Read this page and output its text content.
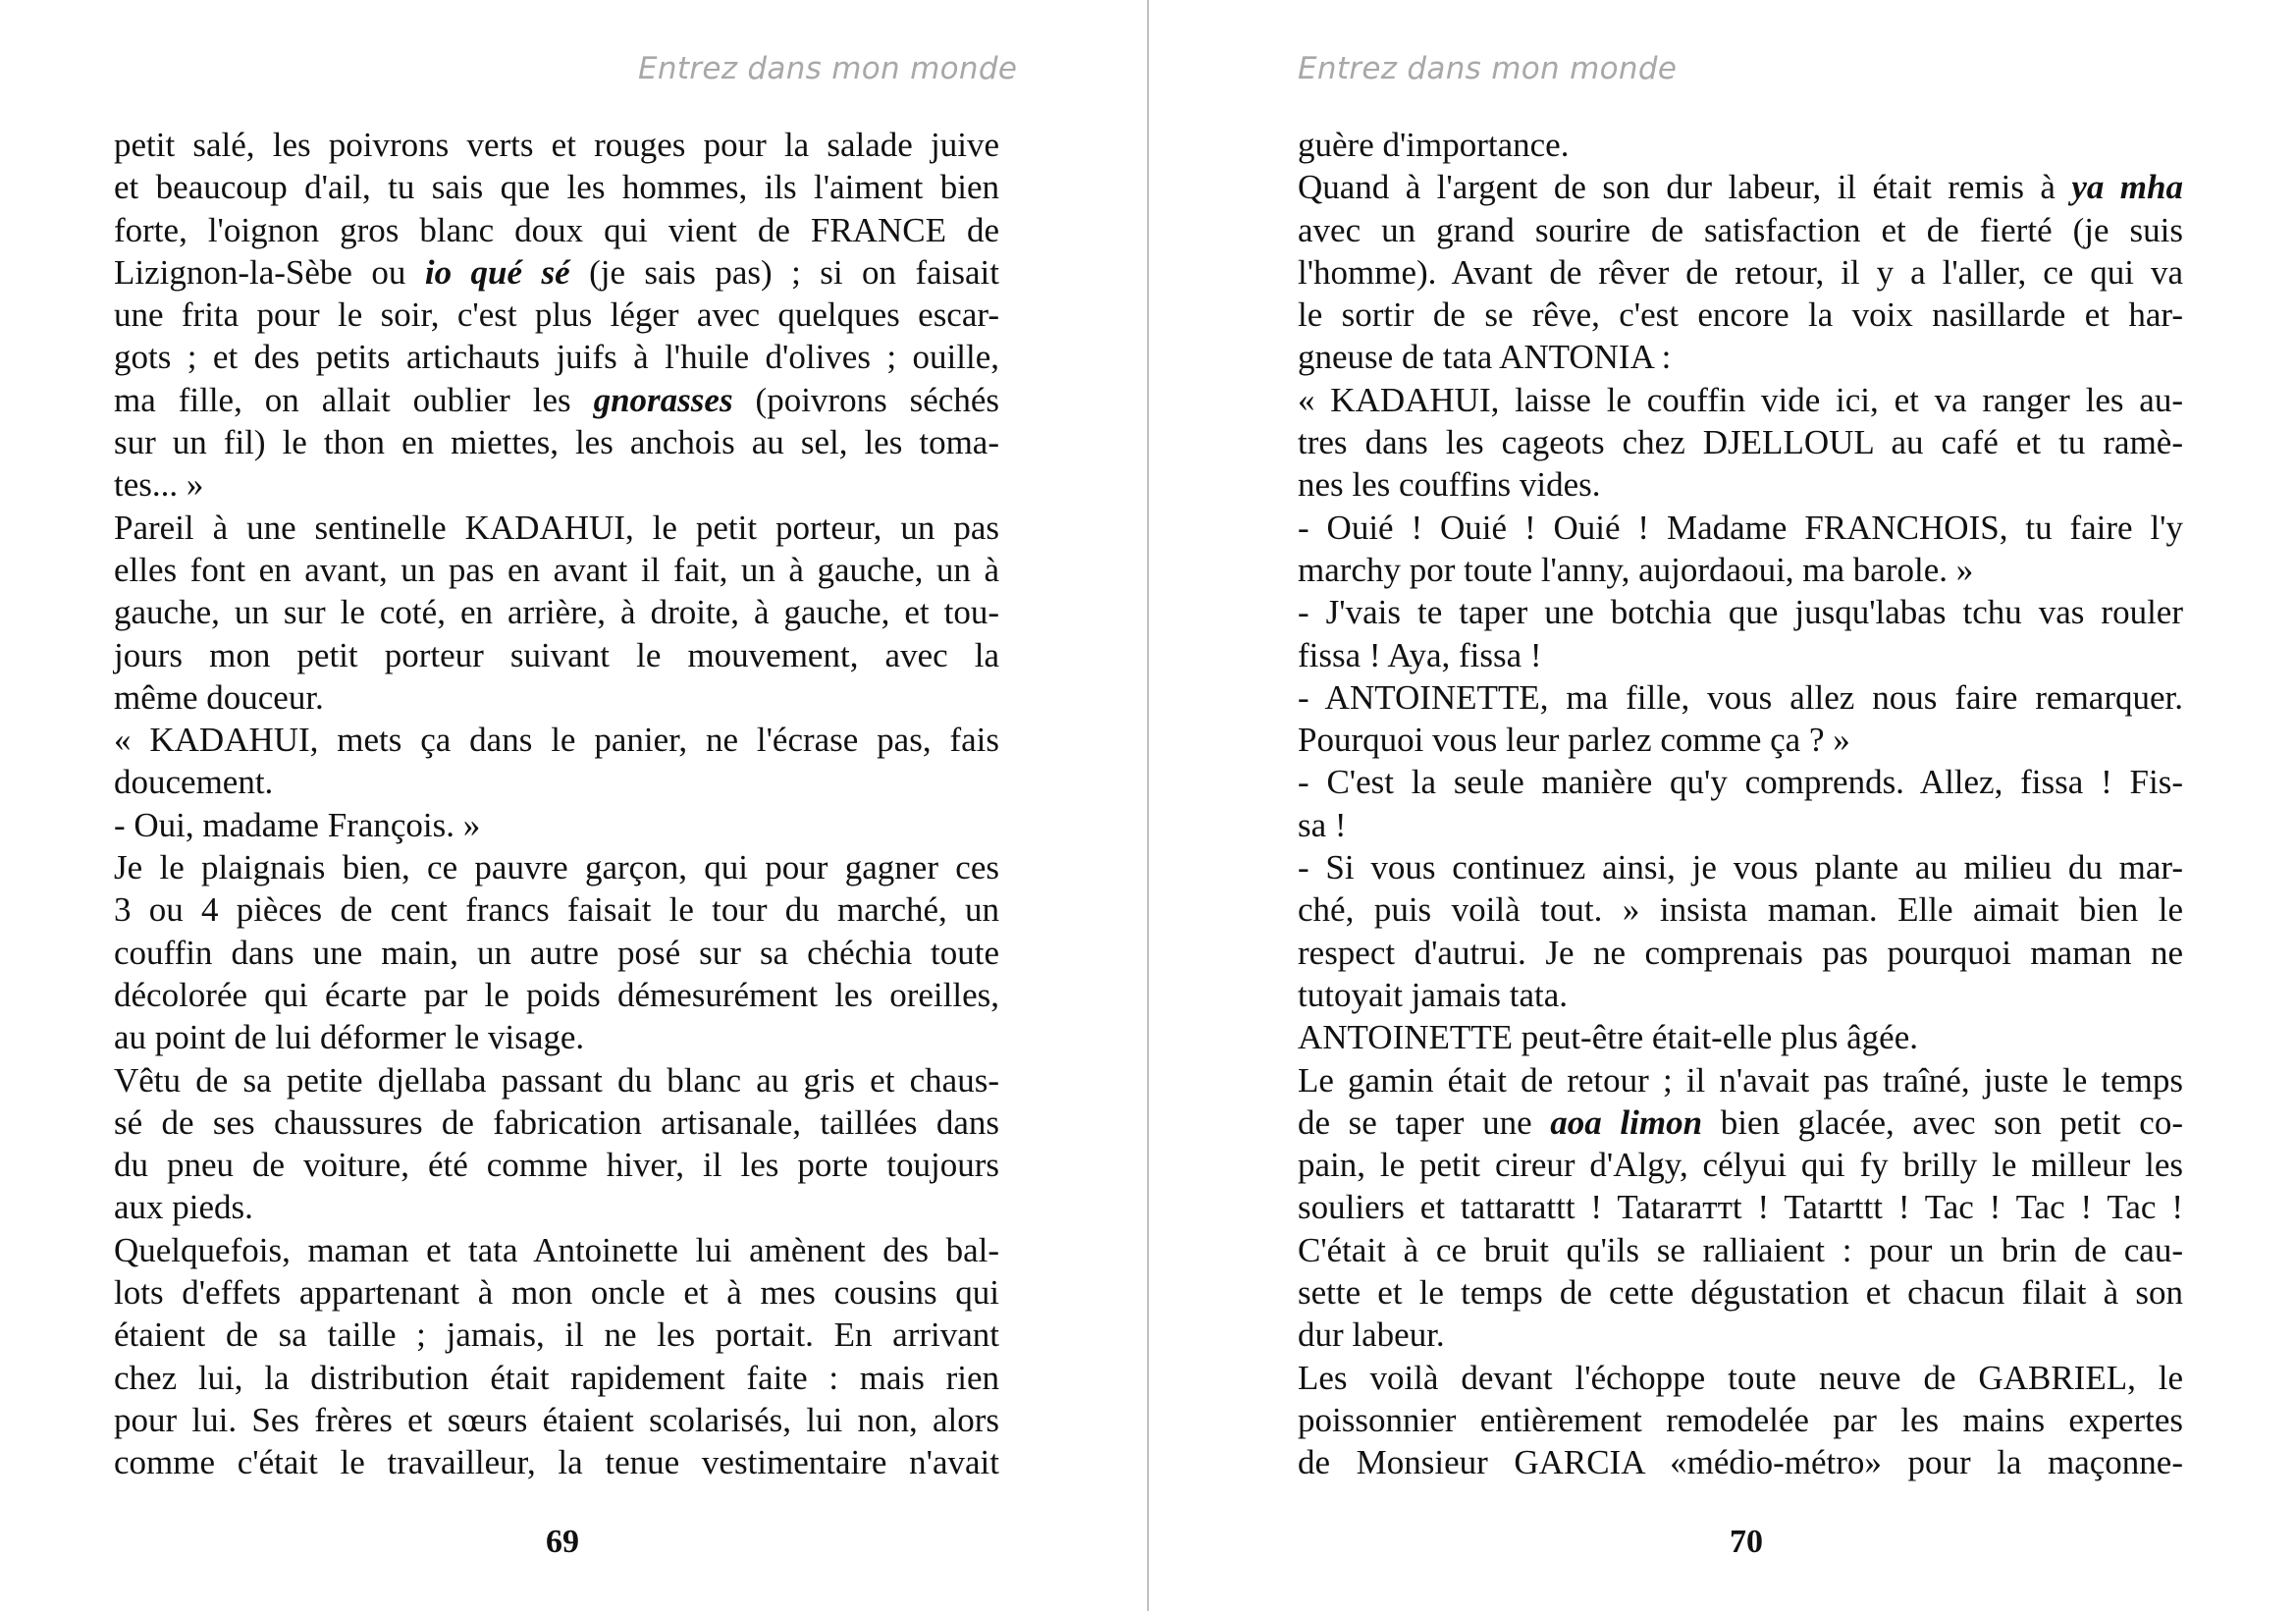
Entrez dans mon monde
petit salé, les poivrons verts et rouges pour la salade juive
et beaucoup d'ail, tu sais que les hommes, ils l'aiment bien
forte, l'oignon gros blanc doux qui vient de FRANCE de
Lizignon-la-Sèbe ou io qué sé (je sais pas) ; si on faisait
une frita pour le soir, c'est plus léger avec quelques escar-
gots ; et des petits artichauts juifs à l'huile d'olives ; ouille,
ma fille, on allait oublier les gnorasses (poivrons séchés
sur un fil) le thon en miettes, les anchois au sel, les toma-
tes... »
Pareil à une sentinelle KADAHUI, le petit porteur, un pas
elles font en avant, un pas en avant il fait, un à gauche, un à
gauche, un sur le coté, en arrière, à droite, à gauche, et tou-
jours mon petit porteur suivant le mouvement, avec la
même douceur.
« KADAHUI, mets ça dans le panier, ne l'écrase pas, fais
doucement.
- Oui, madame François. »
Je le plaignais bien, ce pauvre garçon, qui pour gagner ces
3 ou 4 pièces de cent francs faisait le tour du marché, un
couffin dans une main, un autre posé sur sa chéchia toute
décolorée qui écarte par le poids démesurément les oreilles,
au point de lui déformer le visage.
Vêtu de sa petite djellaba passant du blanc au gris et chaus-
sé de ses chaussures de fabrication artisanale, taillées dans
du pneu de voiture, été comme hiver, il les porte toujours
aux pieds.
Quelquefois, maman et tata Antoinette lui amènent des bal-
lots d'effets appartenant à mon oncle et à mes cousins qui
étaient de sa taille ; jamais, il ne les portait. En arrivant
chez lui, la distribution était rapidement faite : mais rien
pour lui. Ses frères et sœurs étaient scolarisés, lui non, alors
comme c'était le travailleur, la tenue vestimentaire n'avait
69
Entrez dans mon monde
guère d'importance.
Quand à l'argent de son dur labeur, il était remis à ya mha
avec un grand sourire de satisfaction et de fierté (je suis
l'homme). Avant de rêver de retour, il y a l'aller, ce qui va
le sortir de se rêve, c'est encore la voix nasillarde et har-
gneuse de tata ANTONIA :
« KADAHUI, laisse le couffin vide ici, et va ranger les au-
tres dans les cageots chez DJELLOUL au café et tu ramè-
nes les couffins vides.
- Ouié ! Ouié ! Ouié ! Madame FRANCHOIS, tu faire l'y
marchy por toute l'anny, aujordaoui, ma barole. »
- J'vais te taper une botchia que jusqu'labas tchu vas rouler
fissa ! Aya, fissa !
- ANTOINETTE, ma fille, vous allez nous faire remarquer.
Pourquoi vous leur parlez comme ça ? »
- C'est la seule manière qu'y comprends. Allez, fissa ! Fis-
sa !
- Si vous continuez ainsi, je vous plante au milieu du mar-
ché, puis voilà tout. » insista maman. Elle aimait bien le
respect d'autrui. Je ne comprenais pas pourquoi maman ne
tutoyait jamais tata.
ANTOINETTE peut-être était-elle plus âgée.
Le gamin était de retour ; il n'avait pas traîné, juste le temps
de se taper une aoa limon bien glacée, avec son petit co-
pain, le petit cireur d'Algy, célyui qui fy brilly le milleur les
souliers et tattarattt ! Tataraттt ! Tatarttt ! Tac ! Tac ! Tac !
C'était à ce bruit qu'ils se ralliaient : pour un brin de cau-
sette et le temps de cette dégustation et chacun filait à son
dur labeur.
Les voilà devant l'échoppe toute neuve de GABRIEL, le
poissonnier entièrement remodelée par les mains expertes
de Monsieur GARCIA «médio-métro» pour la maçonne-
70
